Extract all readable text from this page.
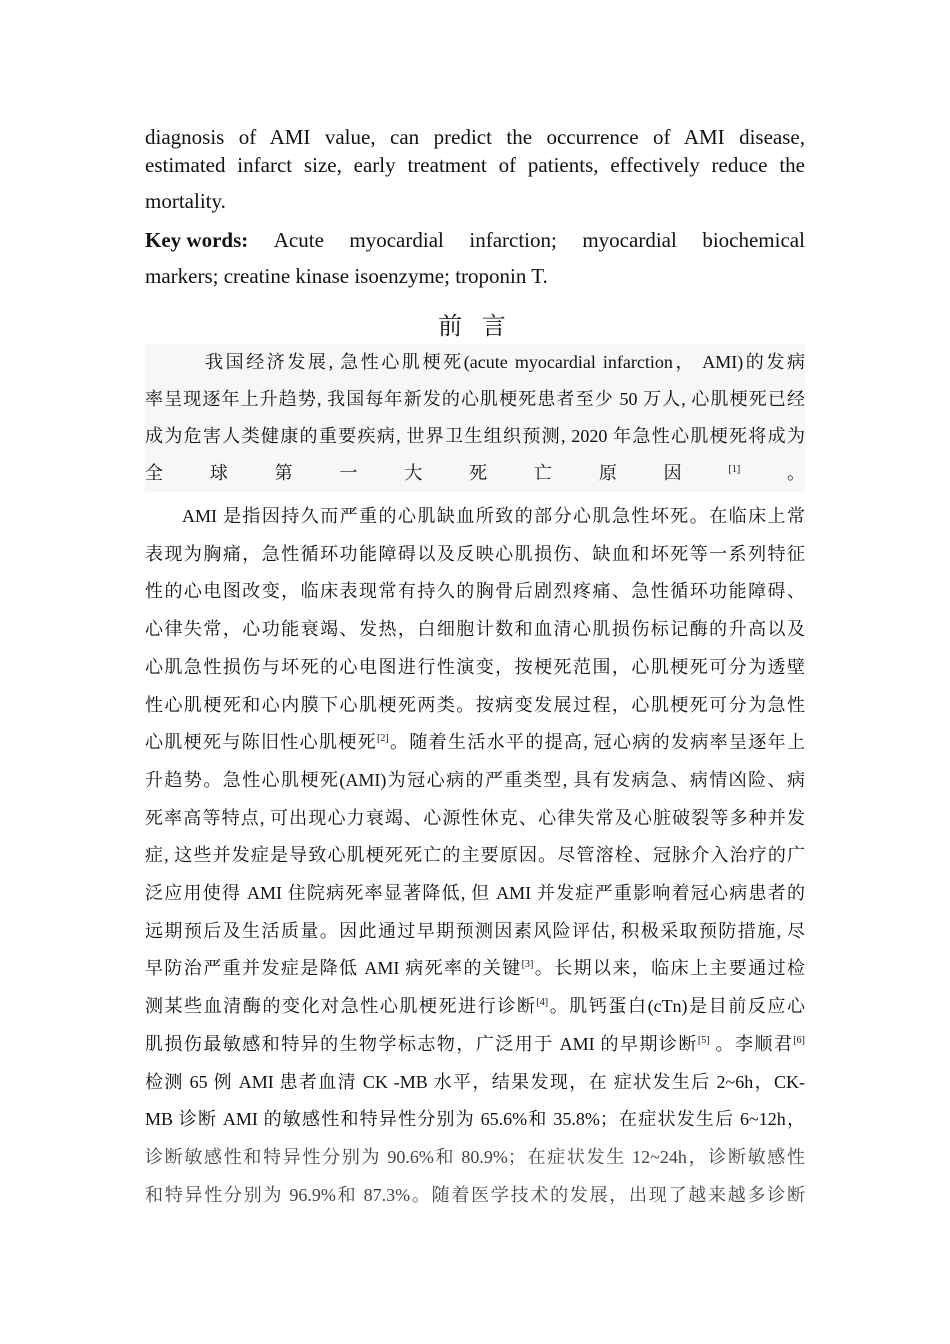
diagnosis of AMI value, can predict the occurrence of AMI disease,
estimated infarct size, early treatment of patients, effectively reduce the
mortality.
Key words: Acute myocardial infarction; myocardial biochemical
markers; creatine kinase isoenzyme; troponin T.
前 言
我国经济发展, 急性心肌梗死(acute myocardial infarction， AMI)的发病
率呈现逐年上升趋势, 我国每年新发的心肌梗死患者至少 50 万人, 心肌梗死已经
成为危害人类健康的重要疾病, 世界卫生组织预测, 2020 年急性心肌梗死将成为
全球第一大死亡原因[1]。
AMI 是指因持久而严重的心肌缺血所致的部分心肌急性坏死。在临床上常
表现为胸痛，急性循环功能障碍以及反映心肌损伤、缺血和坏死等一系列特征
性的心电图改变，临床表现常有持久的胸骨后剧烈疼痛、急性循环功能障碍、
心律失常，心功能衰竭、发热，白细胞计数和血清心肌损伤标记酶的升高以及
心肌急性损伤与坏死的心电图进行性演变，按梗死范围，心肌梗死可分为透壁
性心肌梗死和心内膜下心肌梗死两类。按病变发展过程，心肌梗死可分为急性
心肌梗死与陈旧性心肌梗死[2]。随着生活水平的提高, 冠心病的发病率呈逐年上
升趋势。急性心肌梗死(AMI)为冠心病的严重类型, 具有发病急、病情凶险、病
死率高等特点, 可出现心力衰竭、心源性休克、心律失常及心脏破裂等多种并发
症, 这些并发症是导致心肌梗死死亡的主要原因。尽管溶栓、冠脉介入治疗的广
泛应用使得 AMI 住院病死率显著降低, 但 AMI 并发症严重影响着冠心病患者的
远期预后及生活质量。因此通过早期预测因素风险评估, 积极采取预防措施, 尽
早防治严重并发症是降低 AMI 病死率的关键[3]。长期以来，临床上主要通过检
测某些血清酶的变化对急性心肌梗死进行诊断[4]。肌钙蛋白(cTn)是目前反应心
肌损伤最敏感和特异的生物学标志物，广泛用于 AMI 的早期诊断[5] 。李顺君[6]
检测 65 例 AMI 患者血清 CK -MB 水平，结果发现，在 症状发生后 2~6h，CK-
MB 诊断 AMI 的敏感性和特异性分别为 65.6%和 35.8%；在症状发生后 6~12h，
诊断敏感性和特异性分别为 90.6%和 80.9%；在症状发生 12~24h，诊断敏感性
和特异性分别为 96.9%和 87.3%。随着医学技术的发展，出现了越来越多诊断
